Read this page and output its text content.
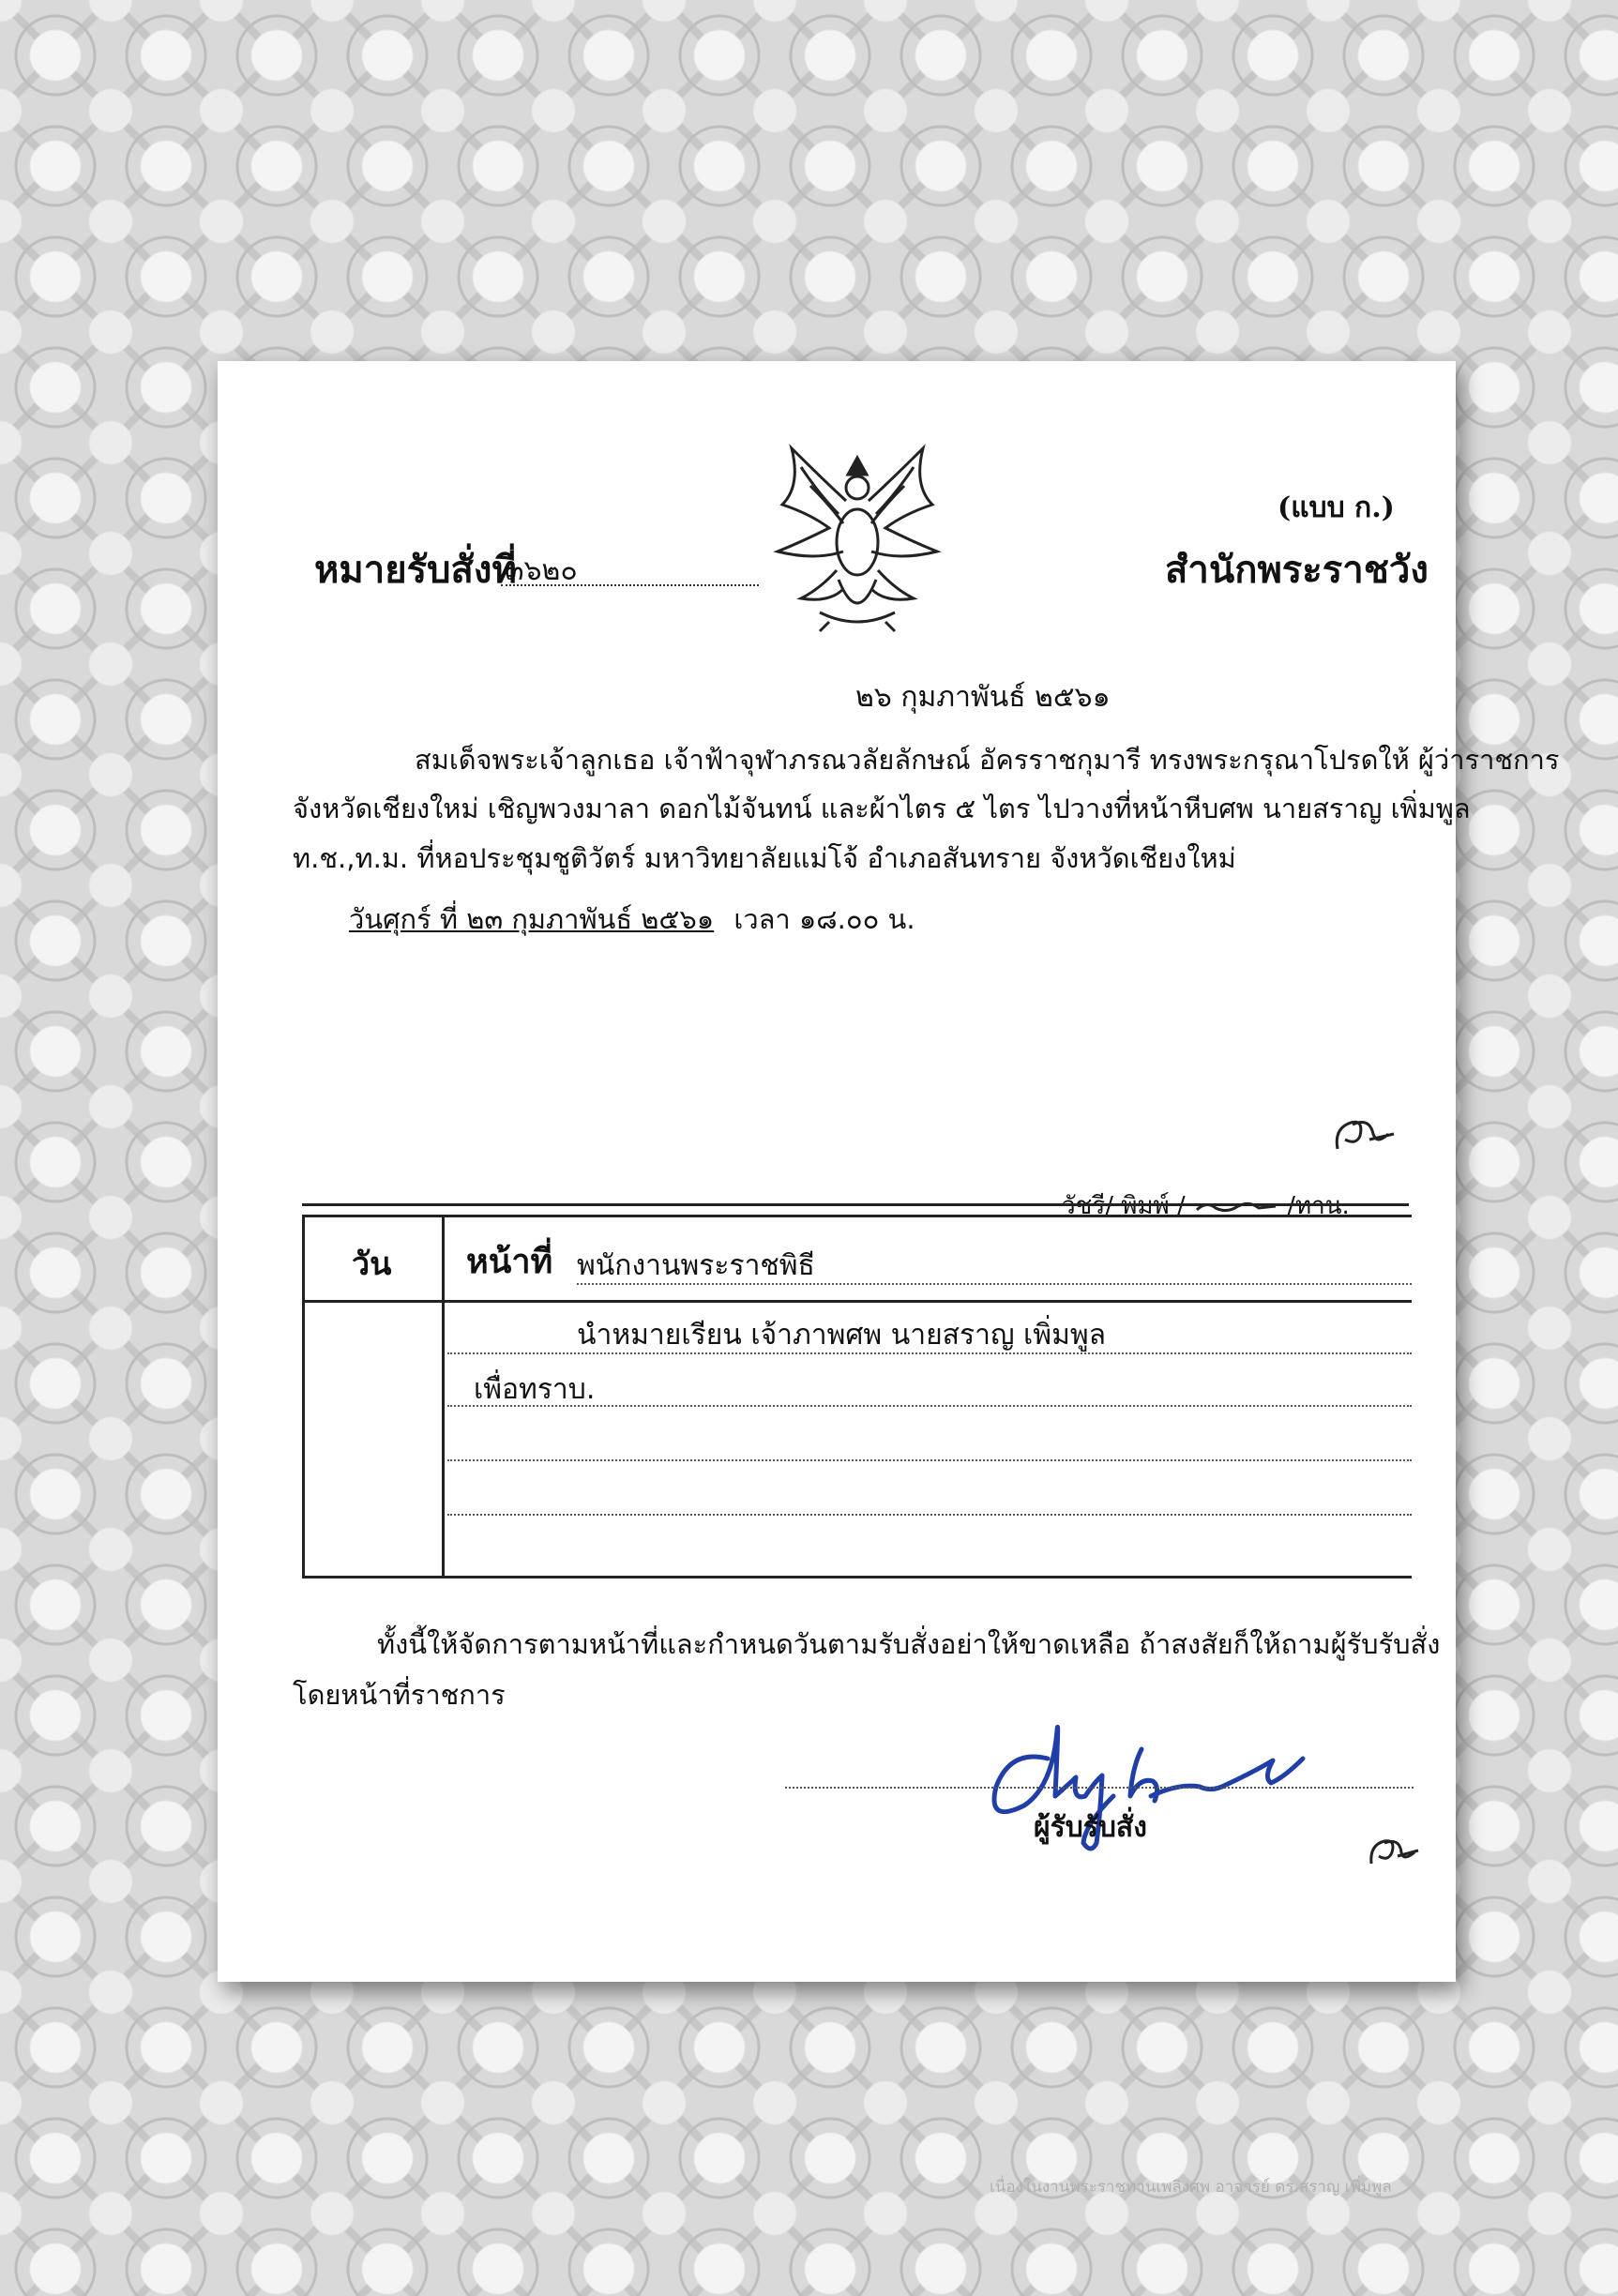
(แบบ ก.)
หมายรับสั่งที่
๓๖๒๐	สำนักพระราชวัง
๒๖ กุมภาพันธ์ ๒๕๖๑
สมเด็จพระเจ้าลูกเธอ เจ้าฟ้าจุฬาภรณวลัยลักษณ์ อัครราชกุมารี ทรงพระกรุณาโปรดให้ ผู้ว่าราชการ
จังหวัดเชียงใหม่ เชิญพวงมาลา ดอกไม้จันทน์ และผ้าไตร ๕ ไตร ไปวางที่หน้าหีบศพ นายสราญ เพิ่มพูล
ท.ช.,ท.ม. ที่หอประชุมชูติวัตร์ มหาวิทยาลัยแม่โจ้ อำเภอสันทราย จังหวัดเชียงใหม่
วันศุกร์ ที่ ๒๓ กุมภาพันธ์ ๒๕๖๑ เวลา ๑๘.๐๐ น.
วัชรี/ พิมพ์ /	/ทาน.
วัน หน้าที่ พนักงานพระราชพิธี
นำหมายเรียน เจ้าภาพศพ นายสราญ เพิ่มพูล
เพื่อทราบ.
ทั้งนี้ให้จัดการตามหน้าที่และกำหนดวันตามรับสั่งอย่าให้ขาดเหลือ ถ้าสงสัยก็ให้ถามผู้รับรับสั่ง
โดยหน้าที่ราชการ
ผู้รับรับสั่ง
เนื่องในงานพระราชทานเพลิงศพ อาจารย์ ดร.สราญ เพิ่มพูล
